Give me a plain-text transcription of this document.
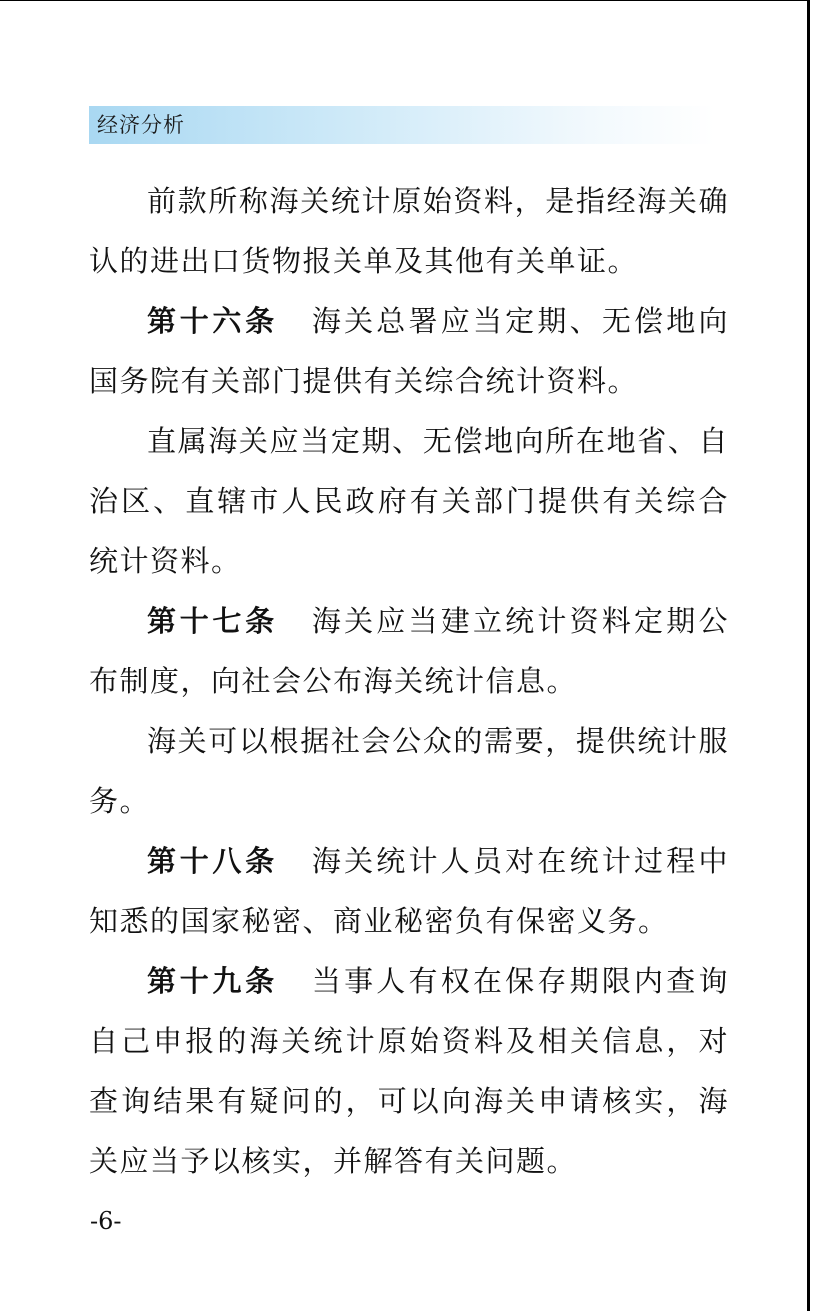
经济分析

前款所称海关统计原始资料，是指经海关确认的进出口货物报关单及其他有关单证。

第十六条 海关总署应当定期、无偿地向国务院有关部门提供有关综合统计资料。

直属海关应当定期、无偿地向所在地省、自治区、直辖市人民政府有关部门提供有关综合统计资料。

第十七条 海关应当建立统计资料定期公布制度，向社会公布海关统计信息。

海关可以根据社会公众的需要，提供统计服务。

第十八条 海关统计人员对在统计过程中知悉的国家秘密、商业秘密负有保密义务。

第十九条 当事人有权在保存期限内查询自己申报的海关统计原始资料及相关信息，对查询结果有疑问的，可以向海关申请核实，海关应当予以核实，并解答有关问题。

-6-
